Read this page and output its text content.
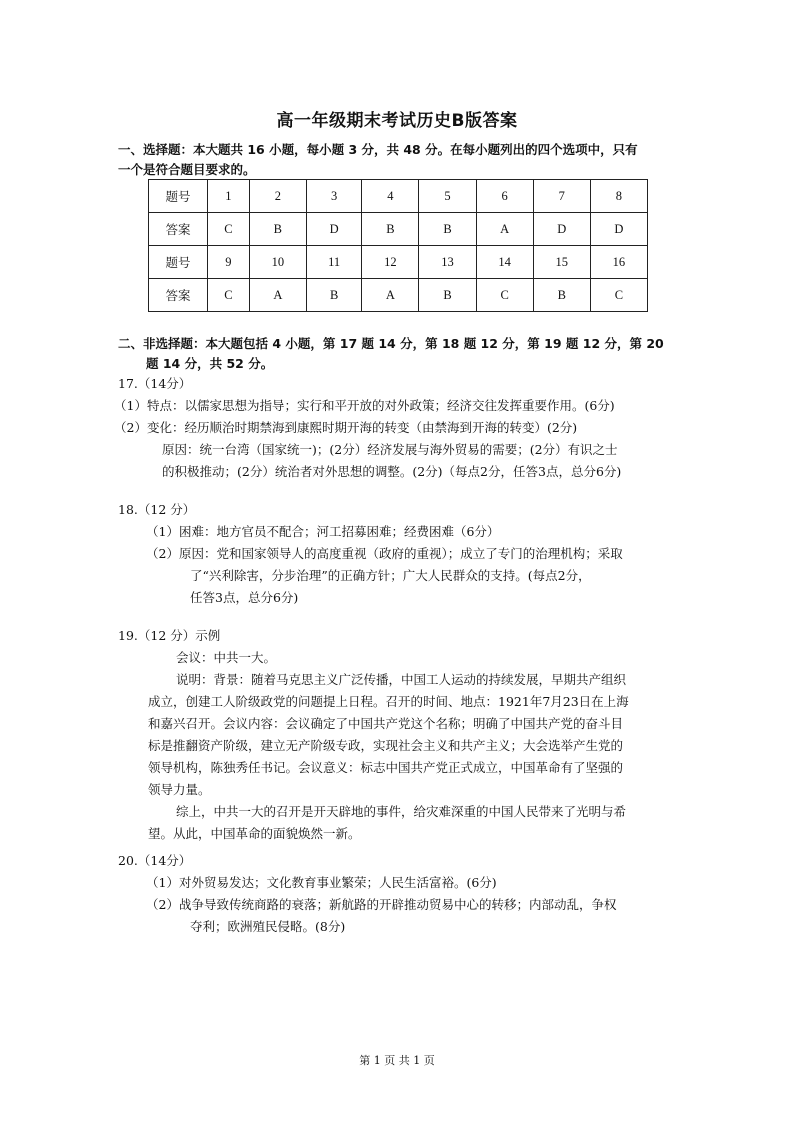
高一年级期末考试历史B版答案
一、选择题：本大题共 16 小题，每小题 3 分，共 48 分。在每小题列出的四个选项中，只有
一个是符合题目要求的。
题号	1	2	3	4	5	6	7	8
答案	C	B	D	B	B	A	D	D
题号	9	10	11	12	13	14	15	16
答案	C	A	B	A	B	C	B	C
二、非选择题：本大题包括 4 小题，第 17 题 14 分，第 18 题 12 分，第 19 题 12 分，第 20
题 14 分，共 52 分。
17.（14分）
（1）特点：以儒家思想为指导；实行和平开放的对外政策；经济交往发挥重要作用。(6分)
（2）变化：经历顺治时期禁海到康熙时期开海的转变（由禁海到开海的转变）(2分)
原因：统一台湾（国家统一)；(2分）经济发展与海外贸易的需要；(2分）有识之士
的积极推动；(2分）统治者对外思想的调整。(2分)（每点2分，任答3点，总分6分)
18.（12 分）
（1）困难：地方官员不配合；河工招募困难；经费困难（6分）
（2）原因：党和国家领导人的高度重视（政府的重视）；成立了专门的治理机构；采取
了“兴利除害，分步治理”的正确方针；广大人民群众的支持。(每点2分，
任答3点，总分6分)
19.（12 分）示例
会议：中共一大。
说明：背景：随着马克思主义广泛传播，中国工人运动的持续发展，早期共产组织
成立，创建工人阶级政党的问题提上日程。召开的时间、地点：1921年7月23日在上海
和嘉兴召开。会议内容：会议确定了中国共产党这个名称；明确了中国共产党的奋斗目
标是推翻资产阶级，建立无产阶级专政，实现社会主义和共产主义；大会选举产生党的
领导机构，陈独秀任书记。会议意义：标志中国共产党正式成立，中国革命有了坚强的
领导力量。
综上，中共一大的召开是开天辟地的事件，给灾难深重的中国人民带来了光明与希
望。从此，中国革命的面貌焕然一新。
20.（14分）
（1）对外贸易发达；文化教育事业繁荣；人民生活富裕。(6分)
（2）战争导致传统商路的衰落；新航路的开辟推动贸易中心的转移；内部动乱，争权
夺利；欧洲殖民侵略。(8分)
第 1 页 共 1 页
